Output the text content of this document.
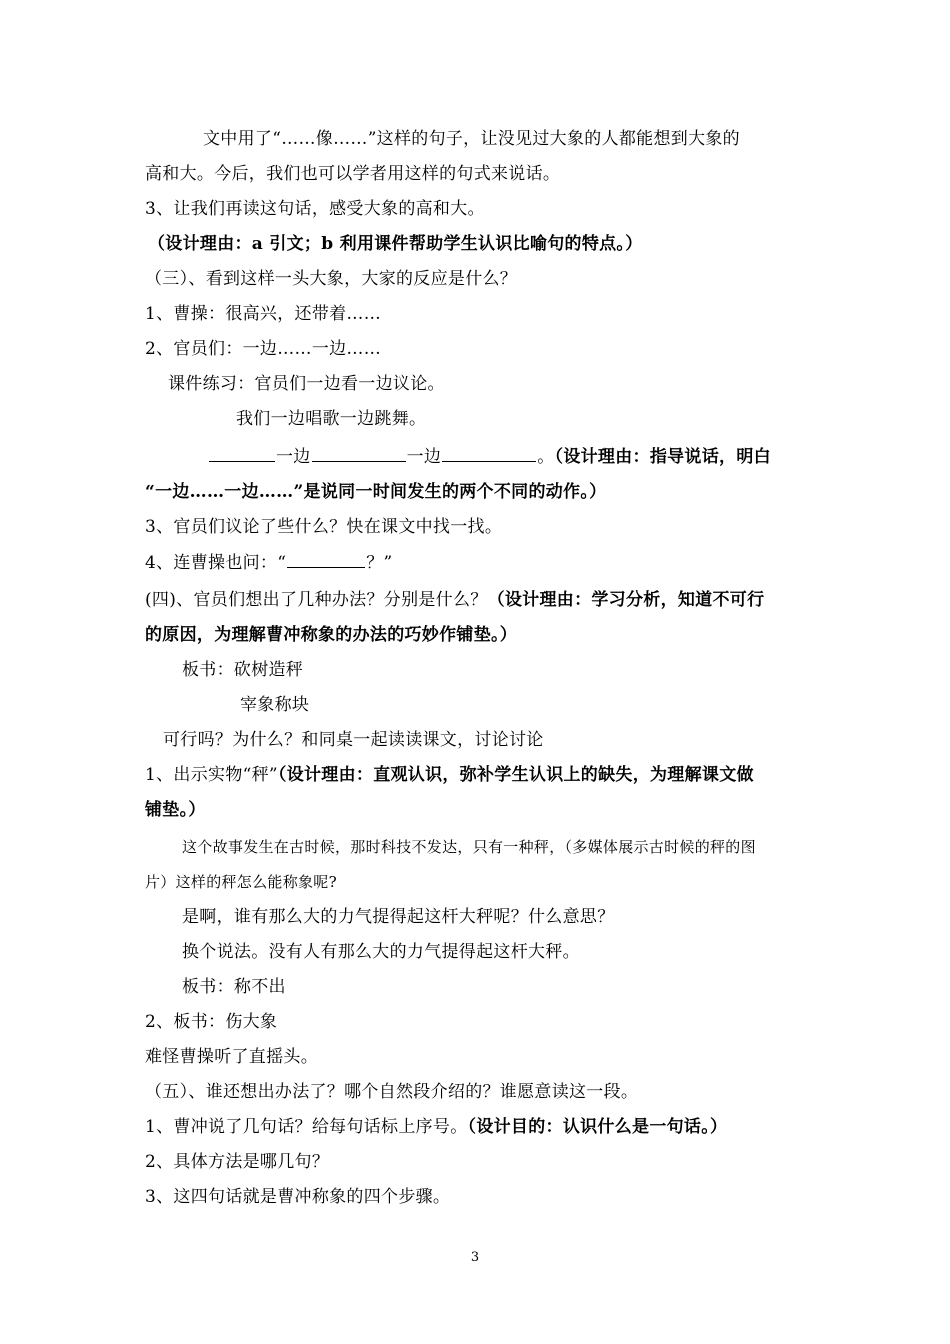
文中用了“……像……”这样的句子，让没见过大象的人都能想到大象的
高和大。今后，我们也可以学者用这样的句式来说话。
3、让我们再读这句话，感受大象的高和大。
（设计理由：a 引文；b 利用课件帮助学生认识比喻句的特点。）
（三）、看到这样一头大象，大家的反应是什么？
1、曹操：很高兴，还带着……
2、官员们：一边……一边……
课件练习：官员们一边看一边议论。
我们一边唱歌一边跳舞。
一边	一边	。（设计理由：指导说话，明白
“一边……一边……”是说同一时间发生的两个不同的动作。）
3、官员们议论了些什么？快在课文中找一找。
4、连曹操也问：“	？”
(四)、官员们想出了几种办法？分别是什么？（设计理由：学习分析，知道不可行
的原因，为理解曹冲称象的办法的巧妙作铺垫。）
板书：砍树造秤
宰象称块
可行吗？为什么？和同桌一起读读课文，讨论讨论
1、出示实物“秤”（设计理由：直观认识，弥补学生认识上的缺失，为理解课文做
铺垫。）
这个故事发生在古时候，那时科技不发达，只有一种秤，（多媒体展示古时候的秤的图
片）这样的秤怎么能称象呢?
是啊，谁有那么大的力气提得起这杆大秤呢？什么意思？
换个说法。没有人有那么大的力气提得起这杆大秤。
板书：称不出
2、板书：伤大象
难怪曹操听了直摇头。
（五）、谁还想出办法了？哪个自然段介绍的？谁愿意读这一段。
1、曹冲说了几句话？给每句话标上序号。（设计目的：认识什么是一句话。）
2、具体方法是哪几句？
3、这四句话就是曹冲称象的四个步骤。
3
